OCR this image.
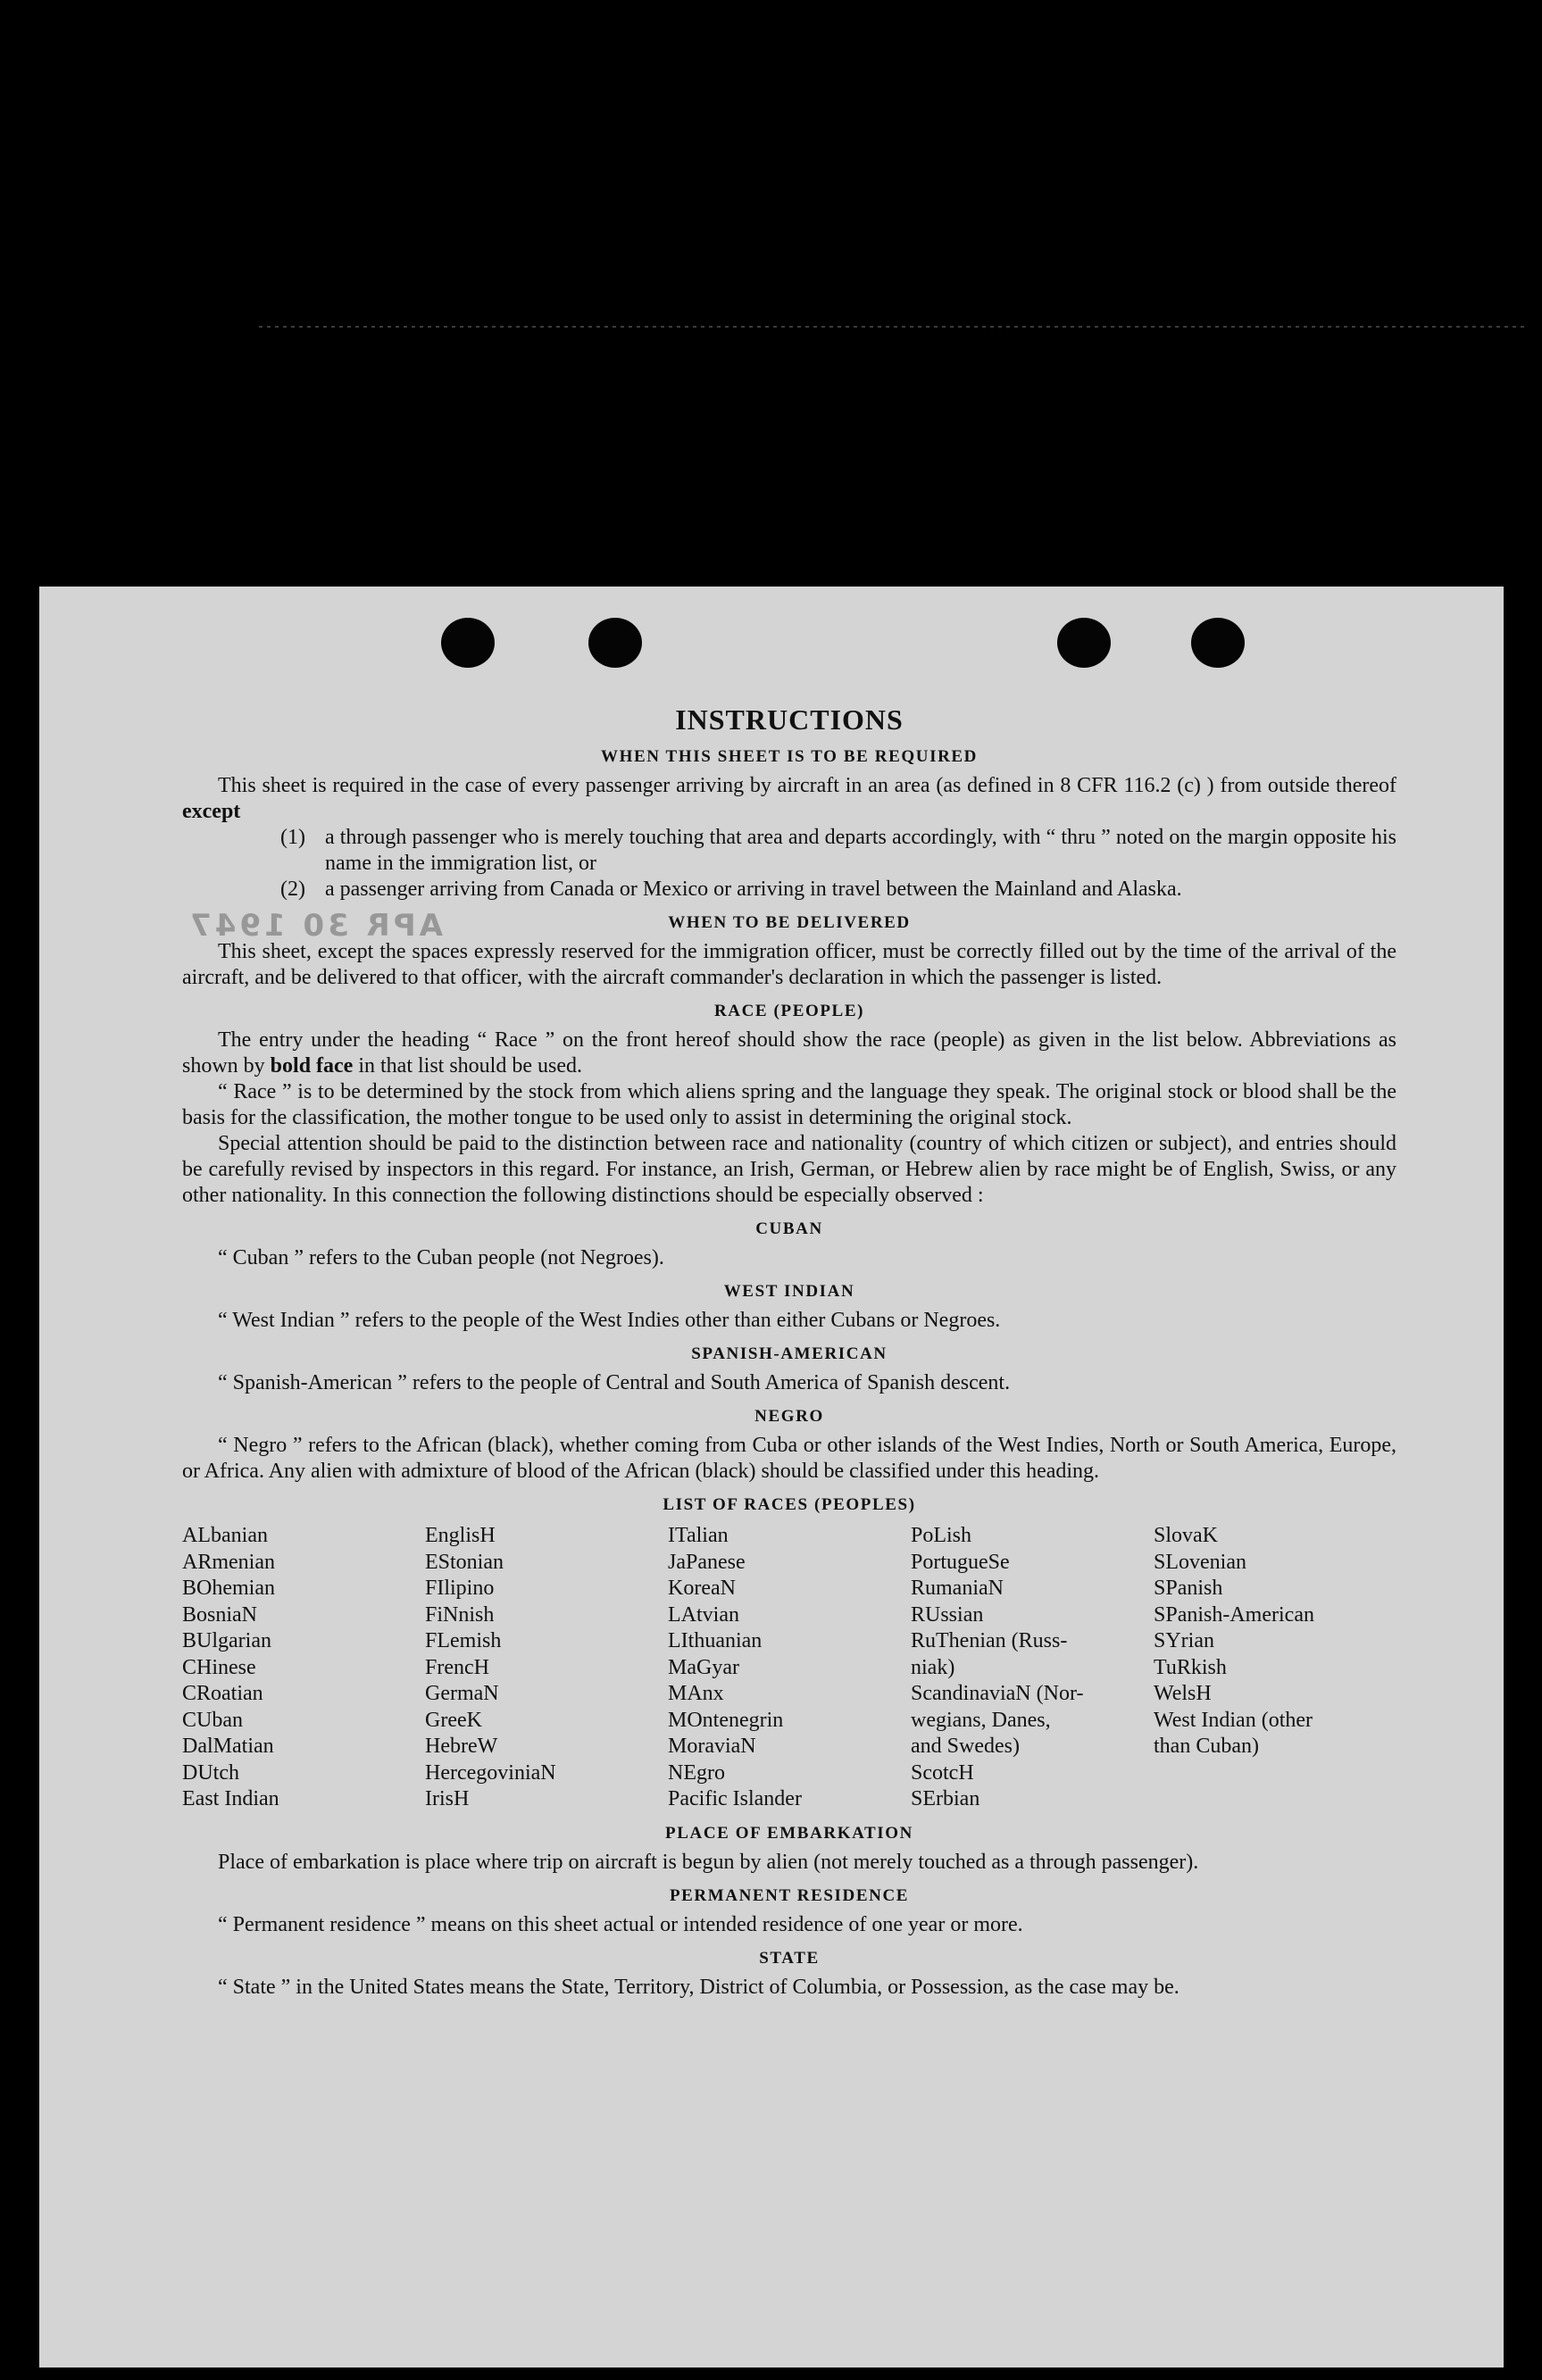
APR 30 1947
INSTRUCTIONS
WHEN THIS SHEET IS TO BE REQUIRED

This sheet is required in the case of every passenger arriving by aircraft in an area (as defined in 8 CFR 116.2 (c) ) from outside thereof except

(1) a through passenger who is merely touching that area and departs accordingly, with “ thru ” noted on the margin opposite his name in the immigration list, or
(2) a passenger arriving from Canada or Mexico or arriving in travel between the Mainland and Alaska.
WHEN TO BE DELIVERED

This sheet, except the spaces expressly reserved for the immigration officer, must be correctly filled out by the time of the arrival of the aircraft, and be delivered to that officer, with the aircraft commander's declaration in which the passenger is listed.

RACE (PEOPLE)

The entry under the heading “ Race ” on the front hereof should show the race (people) as given in the list below. Abbreviations as shown by bold face in that list should be used.

“ Race ” is to be determined by the stock from which aliens spring and the language they speak. The original stock or blood shall be the basis for the classification, the mother tongue to be used only to assist in determining the original stock.

Special attention should be paid to the distinction between race and nationality (country of which citizen or subject), and entries should be carefully revised by inspectors in this regard. For instance, an Irish, German, or Hebrew alien by race might be of English, Swiss, or any other nationality. In this connection the following distinctions should be especially observed :

CUBAN

“ Cuban ” refers to the Cuban people (not Negroes).

WEST INDIAN

“ West Indian ” refers to the people of the West Indies other than either Cubans or Negroes.

SPANISH-AMERICAN

“ Spanish-American ” refers to the people of Central and South America of Spanish descent.

NEGRO

“ Negro ” refers to the African (black), whether coming from Cuba or other islands of the West Indies, North or South America, Europe, or Africa. Any alien with admixture of blood of the African (black) should be classified under this heading.

LIST OF RACES (PEOPLES)
ALbanian
ARmenian
BOhemian
BosniaN
BUlgarian
CHinese
CRoatian
CUban
DalMatian
DUtch
East Indian
EnglisH
EStonian
FIlipino
FiNnish
FLemish
FrencH
GermaN
GreeK
HebreW
HercegoviniaN
IrisH
ITalian
JaPanese
KoreaN
LAtvian
LIthuanian
MaGyar
MAnx
MOntenegrin
MoraviaN
NEgro
Pacific Islander
PoLish
PortugueSe
RumaniaN
RUssian
RuThenian (Russ-
niak)
ScandinaviaN (Nor-
wegians, Danes,
and Swedes)
ScotcH
SErbian
SlovaK
SLovenian
SPanish
SPanish-American
SYrian
TuRkish
WelsH
West Indian (other
than Cuban)
PLACE OF EMBARKATION

Place of embarkation is place where trip on aircraft is begun by alien (not merely touched as a through passenger).

PERMANENT RESIDENCE

“ Permanent residence ” means on this sheet actual or intended residence of one year or more.

STATE

“ State ” in the United States means the State, Territory, District of Columbia, or Possession, as the case may be.
